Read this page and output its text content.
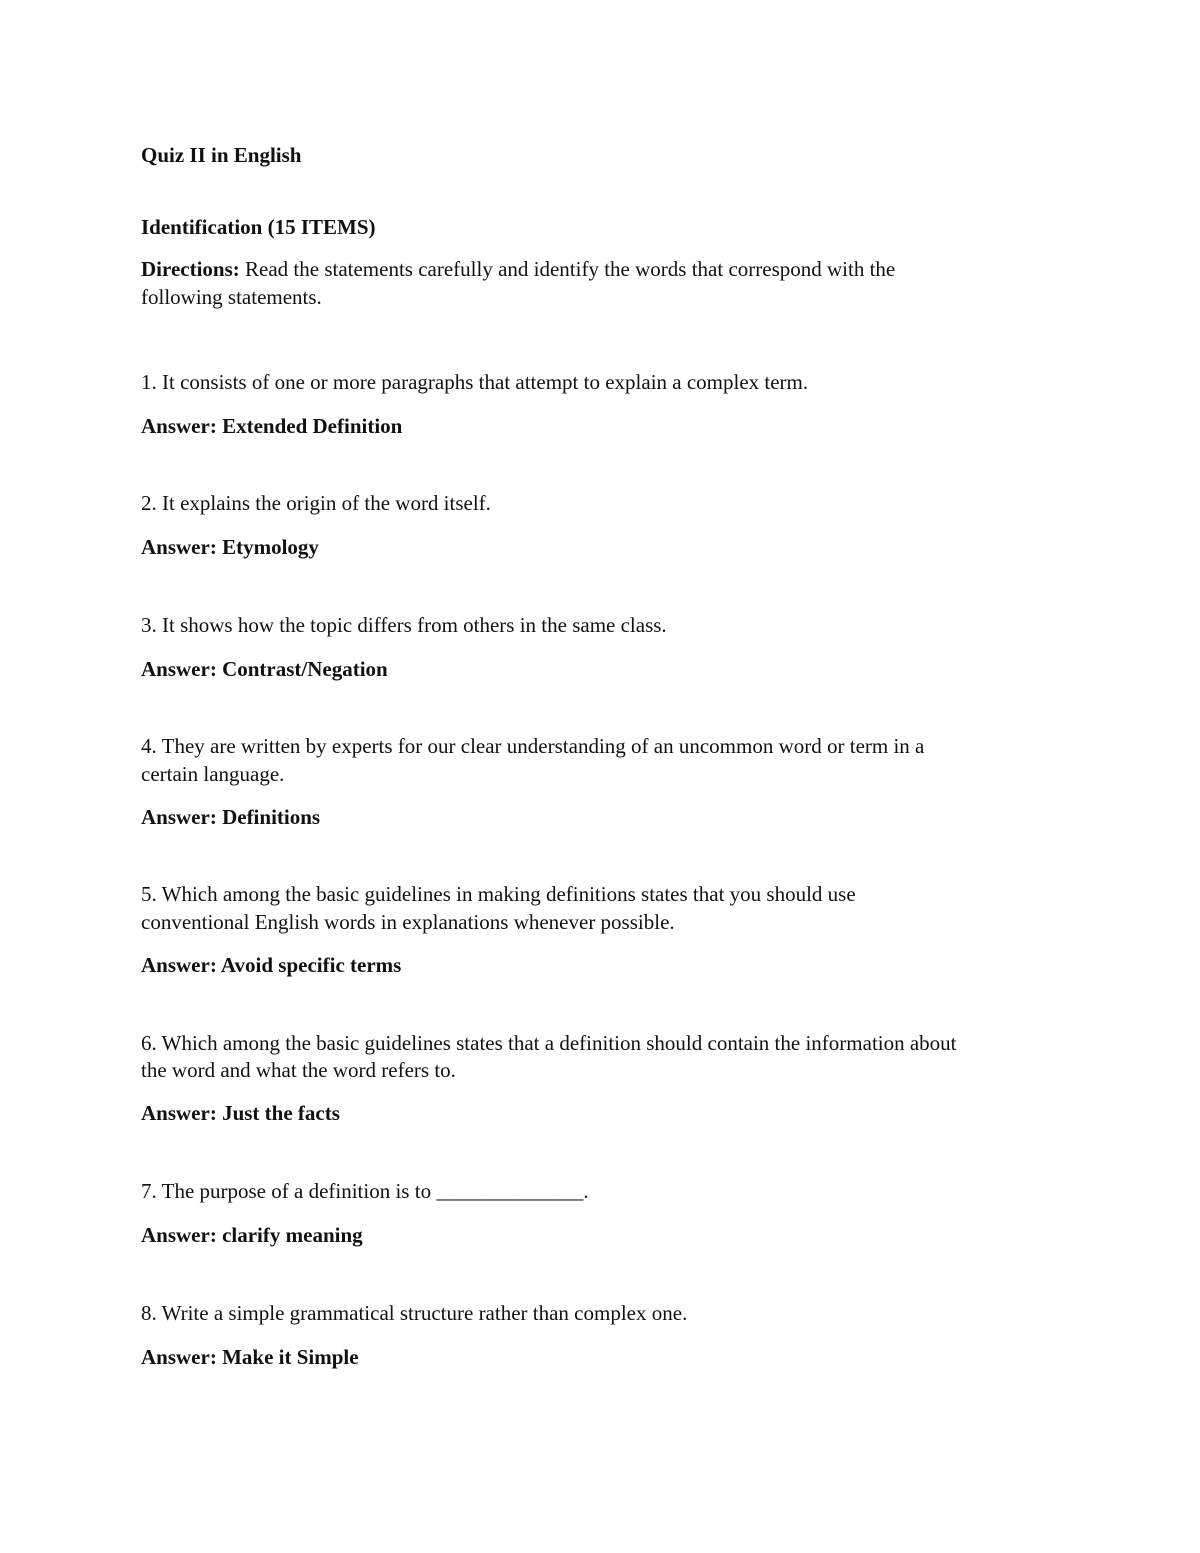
Quiz II in English

Identification (15 ITEMS)

Directions: Read the statements carefully and identify the words that correspond with the

following statements.

1. It consists of one or more paragraphs that attempt to explain a complex term.

Answer: Extended Definition

2. It explains the origin of the word itself.

Answer: Etymology

3. It shows how the topic differs from others in the same class.

Answer: Contrast/Negation

4. They are written by experts for our clear understanding of an uncommon word or term in a

certain language.

Answer: Definitions

5. Which among the basic guidelines in making definitions states that you should use

conventional English words in explanations whenever possible.

Answer: Avoid specific terms

6. Which among the basic guidelines states that a definition should contain the information about

the word and what the word refers to.

Answer: Just the facts

7. The purpose of a definition is to ______________.

Answer: clarify meaning

8. Write a simple grammatical structure rather than complex one.

Answer: Make it Simple
